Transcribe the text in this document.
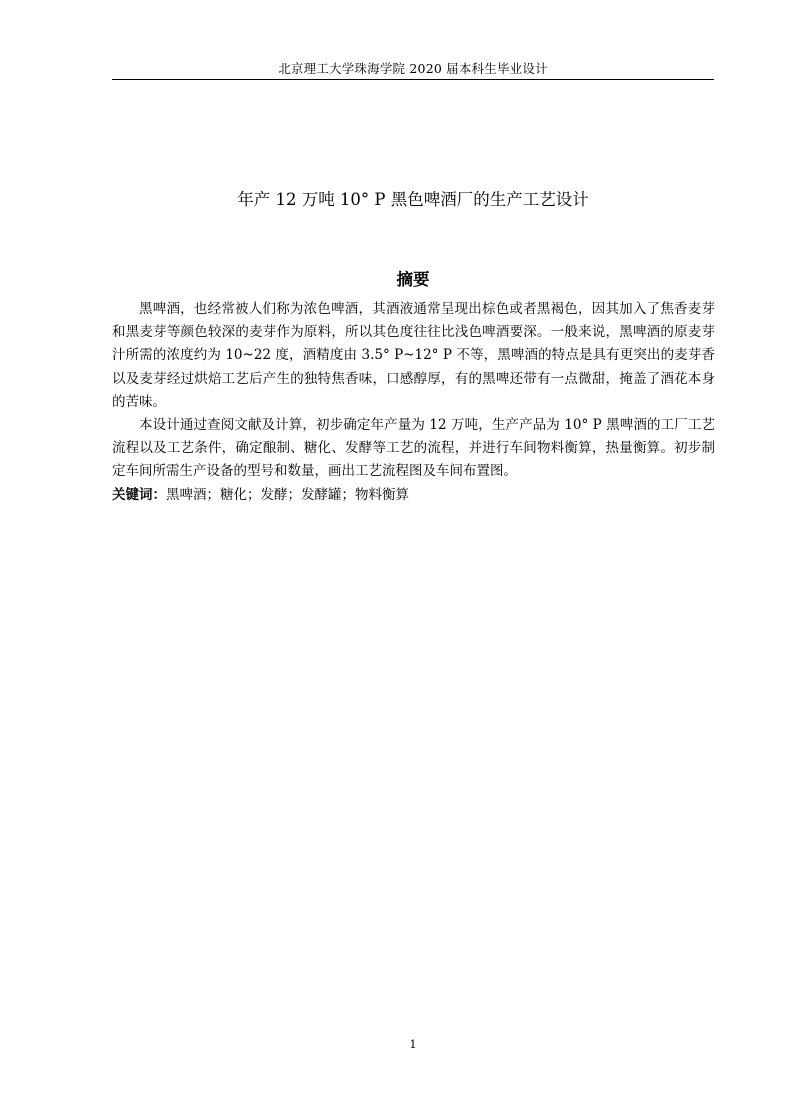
北京理工大学珠海学院 2020 届本科生毕业设计
年产 12 万吨 10° P 黑色啤酒厂的生产工艺设计
摘要

黑啤酒，也经常被人们称为浓色啤酒，其酒液通常呈现出棕色或者黑褐色，因其加入了焦香麦芽和黑麦芽等颜色较深的麦芽作为原料，所以其色度往往比浅色啤酒要深。一般来说，黑啤酒的原麦芽汁所需的浓度约为 10~22 度，酒精度由 3.5° P~12° P 不等，黑啤酒的特点是具有更突出的麦芽香以及麦芽经过烘焙工艺后产生的独特焦香味，口感醇厚，有的黑啤还带有一点微甜，掩盖了酒花本身的苦味。

本设计通过查阅文献及计算，初步确定年产量为 12 万吨，生产产品为 10° P 黑啤酒的工厂工艺流程以及工艺条件，确定酿制、糖化、发酵等工艺的流程，并进行车间物料衡算，热量衡算。初步制定车间所需生产设备的型号和数量，画出工艺流程图及车间布置图。

关键词：黑啤酒；糖化；发酵；发酵罐；物料衡算

1
